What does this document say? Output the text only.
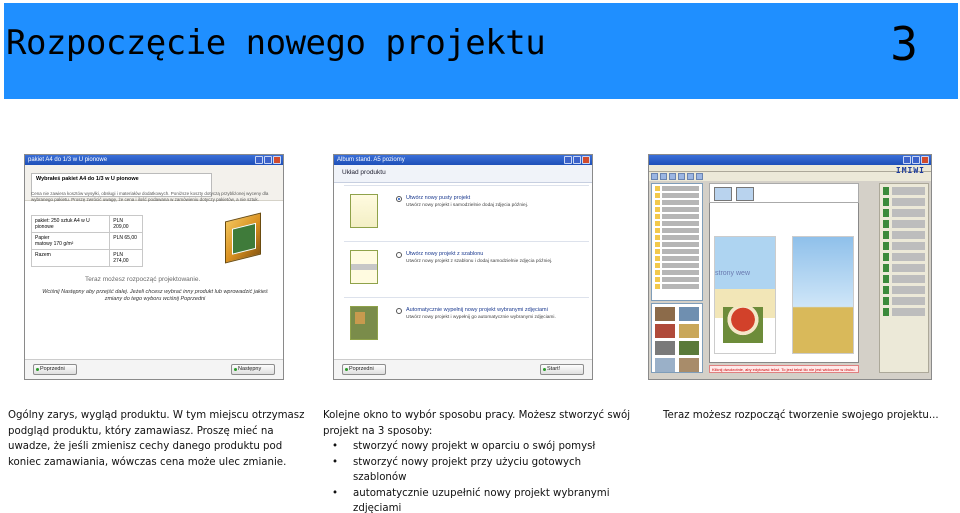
Rozpoczęcie nowego projektu	3
pakiet A4 do 1/3 w U pionowe
Wybrałeś pakiet A4 do 1/3 w U pionowe
Cena nie zawiera kosztów wysyłki, obsługi i materiałów dodatkowych. Poniższe koszty dotyczą przybliżonej wyceny dla wybranego pakietu. Proszę zwrócić uwagę, że cena i ilość podawana w zamówieniu dotyczy pakietów, a nie sztuk.
pakiet: 250 sztuk A4 w U pionowe	PLN 209,00
Papier
matowy 170 g/m²	PLN 65,00
Razem	PLN 274,00
Teraz możesz rozpocząć projektowanie.
Wciśnij Następny aby przejść dalej. Jeżeli chcesz wybrać inny produkt lub wprowadzić jakieś zmiany do tego wyboru wciśnij Poprzedni
Poprzedni	Następny
Album stand. A5 poziomy
Układ produktu
Utwórz nowy pusty projekt
Utwórz nowy projekt i samodzielnie dodaj zdjęcia później.
Utwórz nowy projekt z szablonu
Utwórz nowy projekt z szablonu i dodaj samodzielnie zdjęcia później.
Automatycznie wypełnij nowy projekt wybranymi zdjęciami
Utwórz nowy projekt i wypełnij go automatycznie wybranymi zdjęciami.
Poprzedni	Start!
IMIWI
strony wew
Kliknij dwukrotnie, aby edytować tekst. To jest tekst tło nie jest widoczne w druku.
Ogólny zarys, wygląd produktu. W tym miejscu otrzymasz podgląd produktu, który zamawiasz. Proszę mieć na uwadze, że jeśli zmienisz cechy danego produktu pod koniec zamawiania, wówczas cena może ulec zmianie.
Kolejne okno to wybór sposobu pracy. Możesz stworzyć swój projekt na 3 sposoby:
• stworzyć nowy projekt w oparciu o swój pomysł
• stworzyć nowy projekt przy użyciu gotowych szablonów
• automatycznie uzupełnić nowy projekt wybranymi zdjęciami
Teraz możesz rozpocząć tworzenie swojego projektu...
